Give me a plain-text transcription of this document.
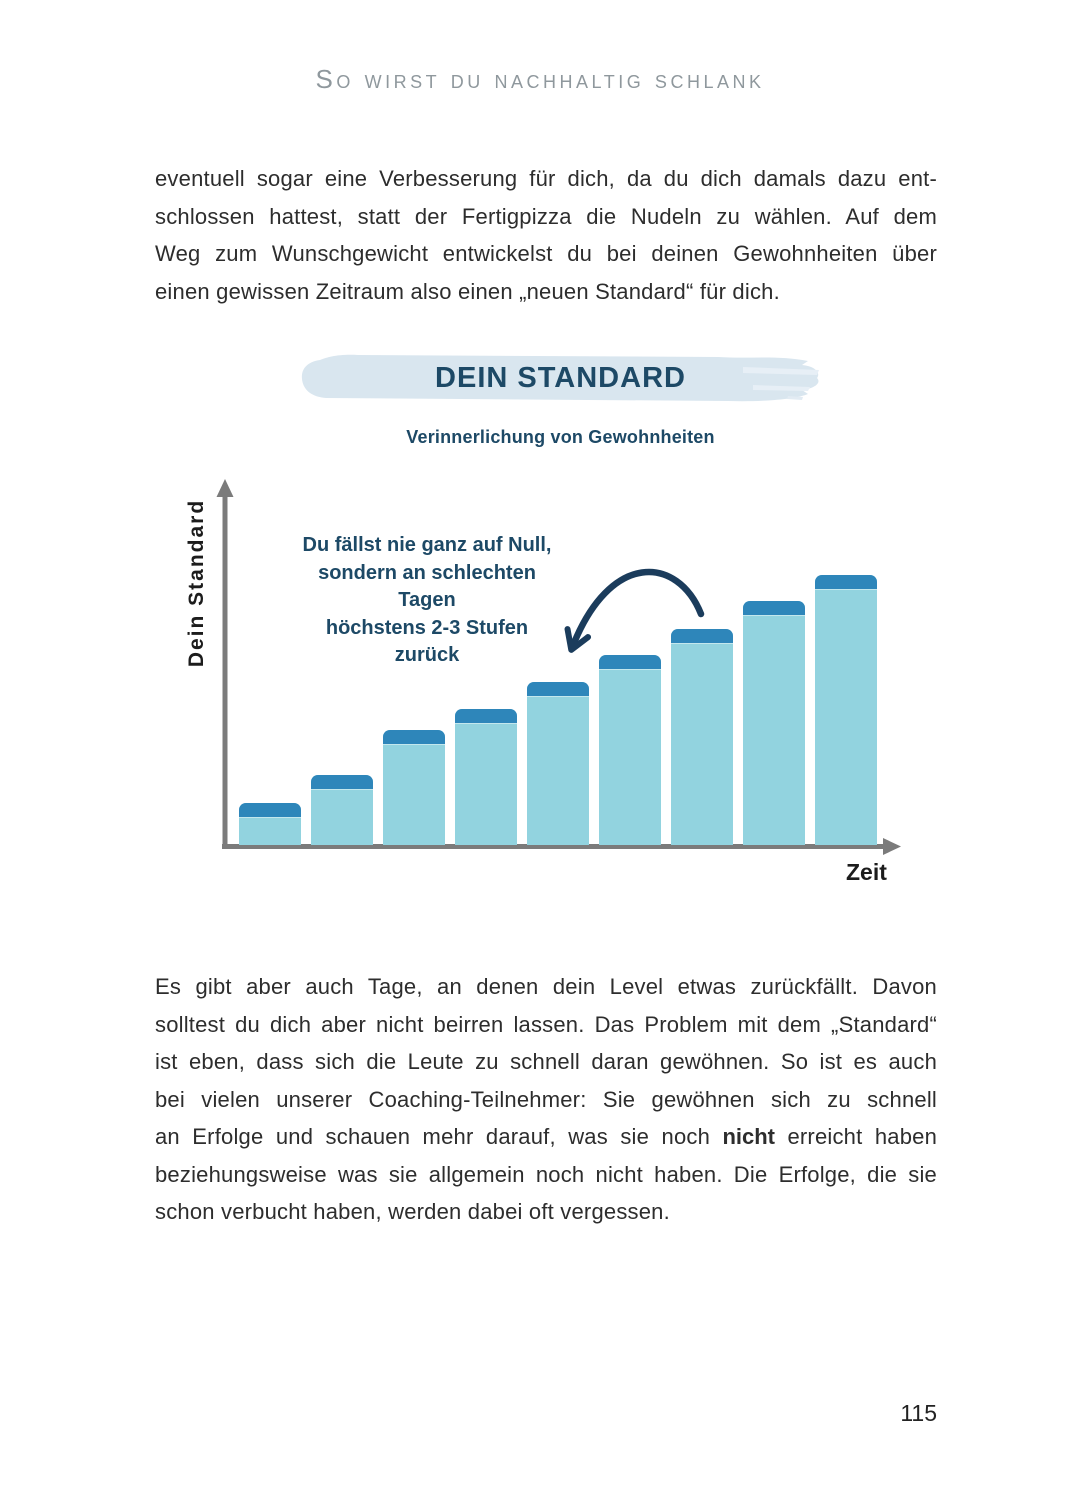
So wirst du nachhaltig schlank
eventuell sogar eine Verbesserung für dich, da du dich damals dazu ent-
schlossen hattest, statt der Fertigpizza die Nudeln zu wählen. Auf dem
Weg zum Wunschgewicht entwickelst du bei deinen Gewohnheiten über
einen gewissen Zeitraum also einen „neuen Standard“ für dich.
DEIN STANDARD
Verinnerlichung von Gewohnheiten
Dein Standard
Zeit
Du fällst nie ganz auf Null,
sondern an schlechten Tagen
höchstens 2-3 Stufen zurück
Es gibt aber auch Tage, an denen dein Level etwas zurückfällt. Davon
solltest du dich aber nicht beirren lassen. Das Problem mit dem „Standard“
ist eben, dass sich die Leute zu schnell daran gewöhnen. So ist es auch
bei vielen unserer Coaching-Teilnehmer: Sie gewöhnen sich zu schnell
an Erfolge und schauen mehr darauf, was sie noch nicht erreicht haben
beziehungsweise was sie allgemein noch nicht haben. Die Erfolge, die sie
schon verbucht haben, werden dabei oft vergessen.
115
